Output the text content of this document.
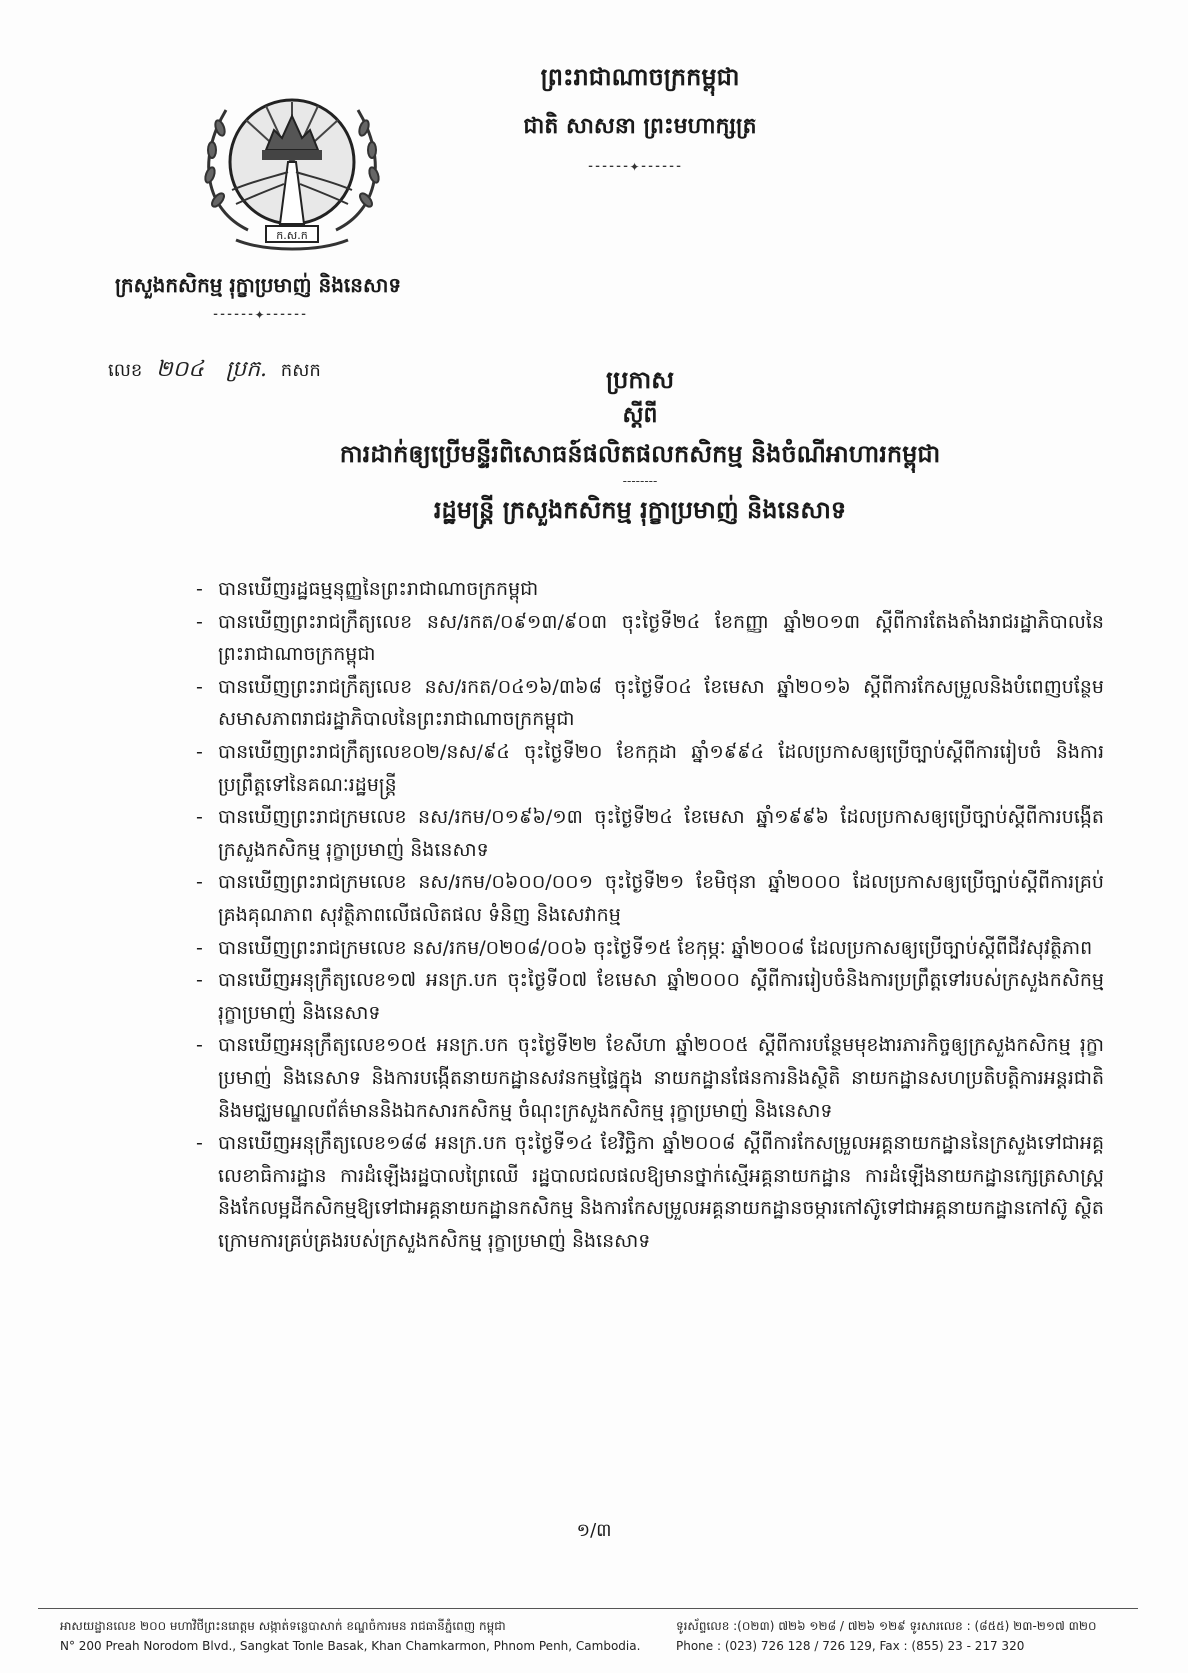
ក.ស.ក
ក្រសួងកសិកម្ម រុក្ខាប្រមាញ់ និងនេសាទ
⁃⁃⁃⁃⁃⁃✦⁃⁃⁃⁃⁃⁃
ព្រះរាជាណាចក្រកម្ពុជា
ជាតិ សាសនា ព្រះមហាក្សត្រ
⁃⁃⁃⁃⁃⁃✦⁃⁃⁃⁃⁃⁃
លេខ ២០៤ ប្រក. កសក	ប្រកាស

ស្តីពី

ការដាក់ឲ្យប្រើមន្ទីរពិសោធន៍ផលិតផលកសិកម្ម និងចំណីអាហារកម្ពុជា

--------

រដ្ឋមន្ត្រី ក្រសួងកសិកម្ម រុក្ខាប្រមាញ់ និងនេសាទ

- បានឃើញរដ្ឋធម្មនុញ្ញនៃព្រះរាជាណាចក្រកម្ពុជា
- បានឃើញព្រះរាជក្រឹត្យលេខ នស/រកត/០៩១៣/៩០៣ ចុះថ្ងៃទី២៤ ខែកញ្ញា ឆ្នាំ២០១៣ ស្តីពីការតែងតាំងរាជរដ្ឋាភិបាលនៃព្រះរាជាណាចក្រកម្ពុជា
- បានឃើញព្រះរាជក្រឹត្យលេខ នស/រកត/០៤១៦/៣៦៨ ចុះថ្ងៃទី០៤ ខែមេសា ឆ្នាំ២០១៦ ស្តីពីការកែសម្រួលនិងបំពេញបន្ថែមសមាសភាពរាជរដ្ឋាភិបាលនៃព្រះរាជាណាចក្រកម្ពុជា
- បានឃើញព្រះរាជក្រឹត្យលេខ០២/នស/៩៤ ចុះថ្ងៃទី២០ ខែកក្កដា ឆ្នាំ១៩៩៤ ដែលប្រកាសឲ្យប្រើច្បាប់ស្តីពីការរៀបចំ និងការប្រព្រឹត្តទៅនៃគណៈរដ្ឋមន្ត្រី
- បានឃើញព្រះរាជក្រមលេខ នស/រកម/០១៩៦/១៣ ចុះថ្ងៃទី២៤ ខែមេសា ឆ្នាំ១៩៩៦ ដែលប្រកាសឲ្យប្រើច្បាប់ស្តីពីការបង្កើតក្រសួងកសិកម្ម រុក្ខាប្រមាញ់ និងនេសាទ
- បានឃើញព្រះរាជក្រមលេខ នស/រកម/០៦០០/០០១ ចុះថ្ងៃទី២១ ខែមិថុនា ឆ្នាំ២០០០ ដែលប្រកាសឲ្យប្រើច្បាប់ស្តីពីការគ្រប់គ្រងគុណភាព សុវត្ថិភាពលើផលិតផល ទំនិញ និងសេវាកម្ម
- បានឃើញព្រះរាជក្រមលេខ នស/រកម/០២០៨/០០៦ ចុះថ្ងៃទី១៥ ខែកុម្ភៈ ឆ្នាំ២០០៨ ដែលប្រកាសឲ្យប្រើច្បាប់ស្តីពីជីវសុវត្ថិភាព
- បានឃើញអនុក្រឹត្យលេខ១៧ អនក្រ.បក ចុះថ្ងៃទី០៧ ខែមេសា ឆ្នាំ២០០០ ស្តីពីការរៀបចំនិងការប្រព្រឹត្តទៅរបស់ក្រសួងកសិកម្ម រុក្ខាប្រមាញ់ និងនេសាទ
- បានឃើញអនុក្រឹត្យលេខ១០៥ អនក្រ.បក ចុះថ្ងៃទី២២ ខែសីហា ឆ្នាំ២០០៥ ស្តីពីការបន្ថែមមុខងារភារកិច្ចឲ្យក្រសួងកសិកម្ម រុក្ខាប្រមាញ់ និងនេសាទ និងការបង្កើតនាយកដ្ឋានសវនកម្មផ្ទៃក្នុង នាយកដ្ឋានផែនការនិងស្ថិតិ នាយកដ្ឋានសហប្រតិបត្តិការអន្តរជាតិ និងមជ្ឈមណ្ឌលព័ត៌មាននិងឯកសារកសិកម្ម ចំណុះក្រសួងកសិកម្ម រុក្ខាប្រមាញ់ និងនេសាទ
- បានឃើញអនុក្រឹត្យលេខ១៨៨ អនក្រ.បក ចុះថ្ងៃទី១៤ ខែវិច្ឆិកា ឆ្នាំ២០០៨ ស្តីពីការកែសម្រួលអគ្គនាយកដ្ឋាននៃក្រសួងទៅជាអគ្គលេខាធិការដ្ឋាន ការដំឡើងរដ្ឋបាលព្រៃឈើ រដ្ឋបាលជលផលឱ្យមានថ្នាក់ស្មើអគ្គនាយកដ្ឋាន ការដំឡើងនាយកដ្ឋានក្សេត្រសាស្ត្រនិងកែលម្អដីកសិកម្មឱ្យទៅជាអគ្គនាយកដ្ឋានកសិកម្ម និងការកែសម្រួលអគ្គនាយកដ្ឋានចម្ការកៅស៊ូទៅជាអគ្គនាយកដ្ឋានកៅស៊ូ ស្ថិតក្រោមការគ្រប់គ្រងរបស់ក្រសួងកសិកម្ម រុក្ខាប្រមាញ់ និងនេសាទ
១/៣
អាសយដ្ឋានលេខ ២០០ មហាវិថីព្រះនរោត្តម សង្កាត់ទន្លេបាសាក់ ខណ្ឌចំការមន រាជធានីភ្នំពេញ កម្ពុជា
N° 200 Preah Norodom Blvd., Sangkat Tonle Basak, Khan Chamkarmon, Phnom Penh, Cambodia.
ទូរស័ព្ទលេខ :(០២៣) ៧២៦ ១២៨ / ៧២៦ ១២៩ ទូរសារលេខ : (៨៥៥) ២៣-២១៧ ៣២០
Phone : (023) 726 128 / 726 129, Fax : (855) 23 - 217 320
